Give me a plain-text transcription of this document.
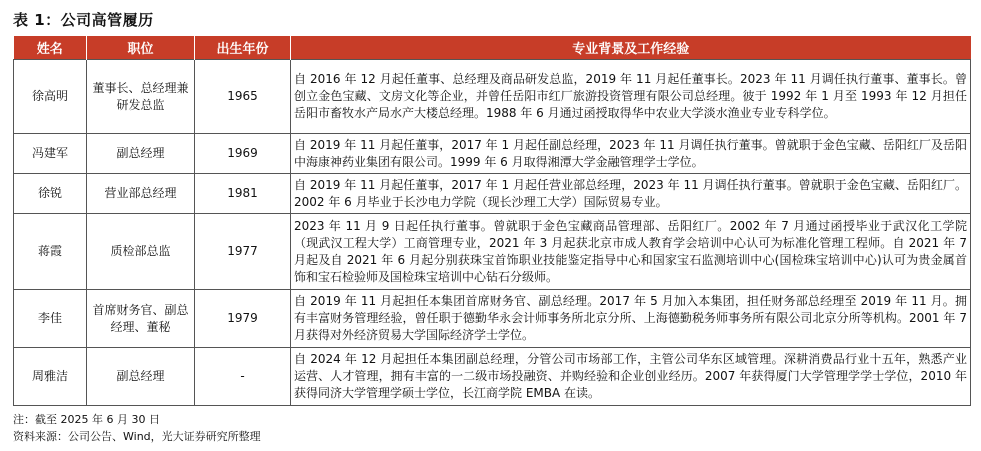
表 1：公司高管履历
姓名	职位	出生年份	专业背景及工作经验
徐高明	董事长、总经理兼研发总监	1965	自 2016 年 12 月起任董事、总经理及商品研发总监，2019 年 11 月起任董事长。2023 年 11 月调任执行董事、董事长。曾创立金色宝藏、文房文化等企业，并曾任岳阳市红厂旅游投资管理有限公司总经理。彼于 1992 年 1 月至 1993 年 12 月担任岳阳市畜牧水产局水产大楼总经理。1988 年 6 月通过函授取得华中农业大学淡水渔业专业专科学位。
冯建军	副总经理	1969	自 2019 年 11 月起任董事，2017 年 1 月起任副总经理，2023 年 11 月调任执行董事。曾就职于金色宝藏、岳阳红厂及岳阳中海康神药业集团有限公司。1999 年 6 月取得湘潭大学金融管理学士学位。
徐锐	营业部总经理	1981	自 2019 年 11 月起任董事，2017 年 1 月起任营业部总经理，2023 年 11 月调任执行董事。曾就职于金色宝藏、岳阳红厂。2002 年 6 月毕业于长沙电力学院（现长沙理工大学）国际贸易专业。
蒋霞	质检部总监	1977	2023 年 11 月 9 日起任执行董事。曾就职于金色宝藏商品管理部、岳阳红厂。2002 年 7 月通过函授毕业于武汉化工学院（现武汉工程大学）工商管理专业，2021 年 3 月起获北京市成人教育学会培训中心认可为标准化管理工程师。自 2021 年 7 月起及自 2021 年 6 月起分别获珠宝首饰职业技能鉴定指导中心和国家宝石监测培训中心(国检珠宝培训中心)认可为贵金属首饰和宝石检验师及国检珠宝培训中心钻石分级师。
李佳	首席财务官、副总经理、董秘	1979	自 2019 年 11 月起担任本集团首席财务官、副总经理。2017 年 5 月加入本集团，担任财务部总经理至 2019 年 11 月。拥有丰富财务管理经验，曾任职于德勤华永会计师事务所北京分所、上海德勤税务师事务所有限公司北京分所等机构。2001 年 7 月获得对外经济贸易大学国际经济学士学位。
周雅洁	副总经理	-	自 2024 年 12 月起担任本集团副总经理，分管公司市场部工作，主管公司华东区域管理。深耕消费品行业十五年，熟悉产业运营、人才管理，拥有丰富的一二级市场投融资、并购经验和企业创业经历。2007 年获得厦门大学管理学学士学位，2010 年获得同济大学管理学硕士学位，长江商学院 EMBA 在读。
注：截至 2025 年 6 月 30 日
资料来源：公司公告、Wind，光大证券研究所整理
